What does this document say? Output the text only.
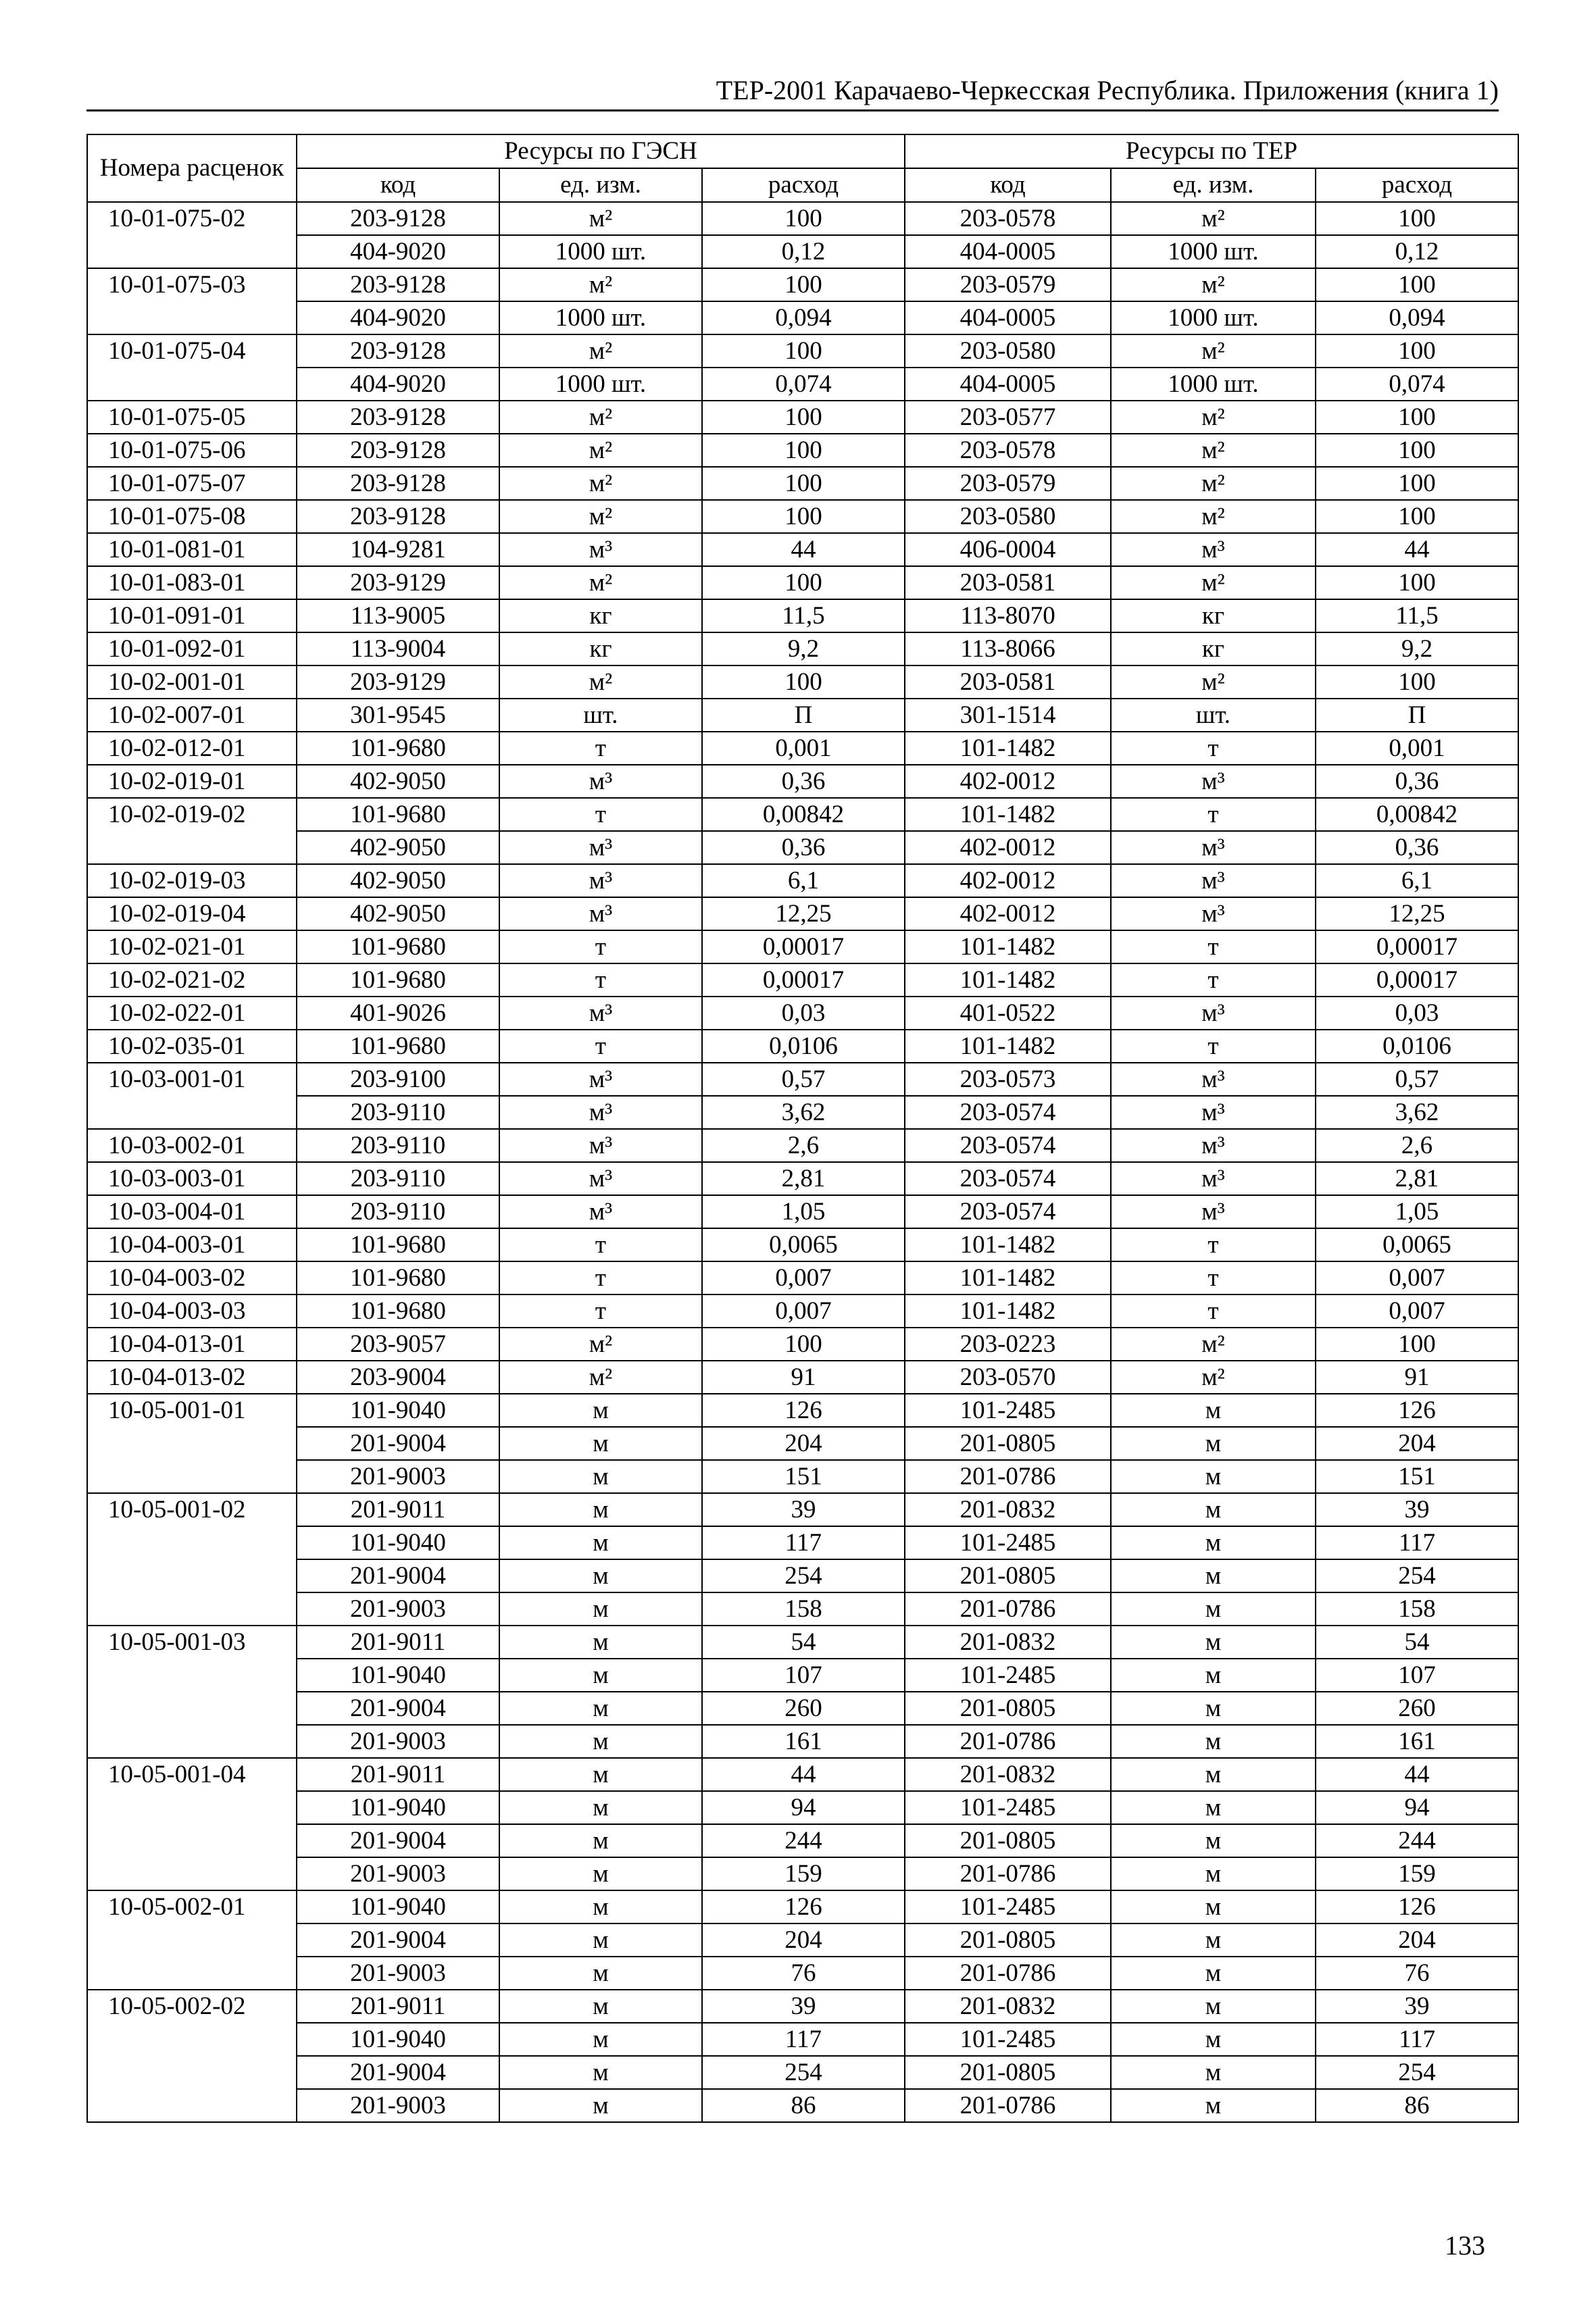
ТЕР-2001 Карачаево-Черкесская Республика. Приложения (книга 1)
Номера расценок	Ресурсы по ГЭСН			Ресурсы по ТЕР		
	код	ед. изм.	расход	код	ед. изм.	расход
10-01-075-02	203-9128	м²	100	203-0578	м²	100
	404-9020	1000 шт.	0,12	404-0005	1000 шт.	0,12
10-01-075-03	203-9128	м²	100	203-0579	м²	100
	404-9020	1000 шт.	0,094	404-0005	1000 шт.	0,094
10-01-075-04	203-9128	м²	100	203-0580	м²	100
	404-9020	1000 шт.	0,074	404-0005	1000 шт.	0,074
10-01-075-05	203-9128	м²	100	203-0577	м²	100
10-01-075-06	203-9128	м²	100	203-0578	м²	100
10-01-075-07	203-9128	м²	100	203-0579	м²	100
10-01-075-08	203-9128	м²	100	203-0580	м²	100
10-01-081-01	104-9281	м³	44	406-0004	м³	44
10-01-083-01	203-9129	м²	100	203-0581	м²	100
10-01-091-01	113-9005	кг	11,5	113-8070	кг	11,5
10-01-092-01	113-9004	кг	9,2	113-8066	кг	9,2
10-02-001-01	203-9129	м²	100	203-0581	м²	100
10-02-007-01	301-9545	шт.	П	301-1514	шт.	П
10-02-012-01	101-9680	т	0,001	101-1482	т	0,001
10-02-019-01	402-9050	м³	0,36	402-0012	м³	0,36
10-02-019-02	101-9680	т	0,00842	101-1482	т	0,00842
	402-9050	м³	0,36	402-0012	м³	0,36
10-02-019-03	402-9050	м³	6,1	402-0012	м³	6,1
10-02-019-04	402-9050	м³	12,25	402-0012	м³	12,25
10-02-021-01	101-9680	т	0,00017	101-1482	т	0,00017
10-02-021-02	101-9680	т	0,00017	101-1482	т	0,00017
10-02-022-01	401-9026	м³	0,03	401-0522	м³	0,03
10-02-035-01	101-9680	т	0,0106	101-1482	т	0,0106
10-03-001-01	203-9100	м³	0,57	203-0573	м³	0,57
	203-9110	м³	3,62	203-0574	м³	3,62
10-03-002-01	203-9110	м³	2,6	203-0574	м³	2,6
10-03-003-01	203-9110	м³	2,81	203-0574	м³	2,81
10-03-004-01	203-9110	м³	1,05	203-0574	м³	1,05
10-04-003-01	101-9680	т	0,0065	101-1482	т	0,0065
10-04-003-02	101-9680	т	0,007	101-1482	т	0,007
10-04-003-03	101-9680	т	0,007	101-1482	т	0,007
10-04-013-01	203-9057	м²	100	203-0223	м²	100
10-04-013-02	203-9004	м²	91	203-0570	м²	91
10-05-001-01	101-9040	м	126	101-2485	м	126
	201-9004	м	204	201-0805	м	204
	201-9003	м	151	201-0786	м	151
10-05-001-02	201-9011	м	39	201-0832	м	39
	101-9040	м	117	101-2485	м	117
	201-9004	м	254	201-0805	м	254
	201-9003	м	158	201-0786	м	158
10-05-001-03	201-9011	м	54	201-0832	м	54
	101-9040	м	107	101-2485	м	107
	201-9004	м	260	201-0805	м	260
	201-9003	м	161	201-0786	м	161
10-05-001-04	201-9011	м	44	201-0832	м	44
	101-9040	м	94	101-2485	м	94
	201-9004	м	244	201-0805	м	244
	201-9003	м	159	201-0786	м	159
10-05-002-01	101-9040	м	126	101-2485	м	126
	201-9004	м	204	201-0805	м	204
	201-9003	м	76	201-0786	м	76
10-05-002-02	201-9011	м	39	201-0832	м	39
	101-9040	м	117	101-2485	м	117
	201-9004	м	254	201-0805	м	254
	201-9003	м	86	201-0786	м	86
133
